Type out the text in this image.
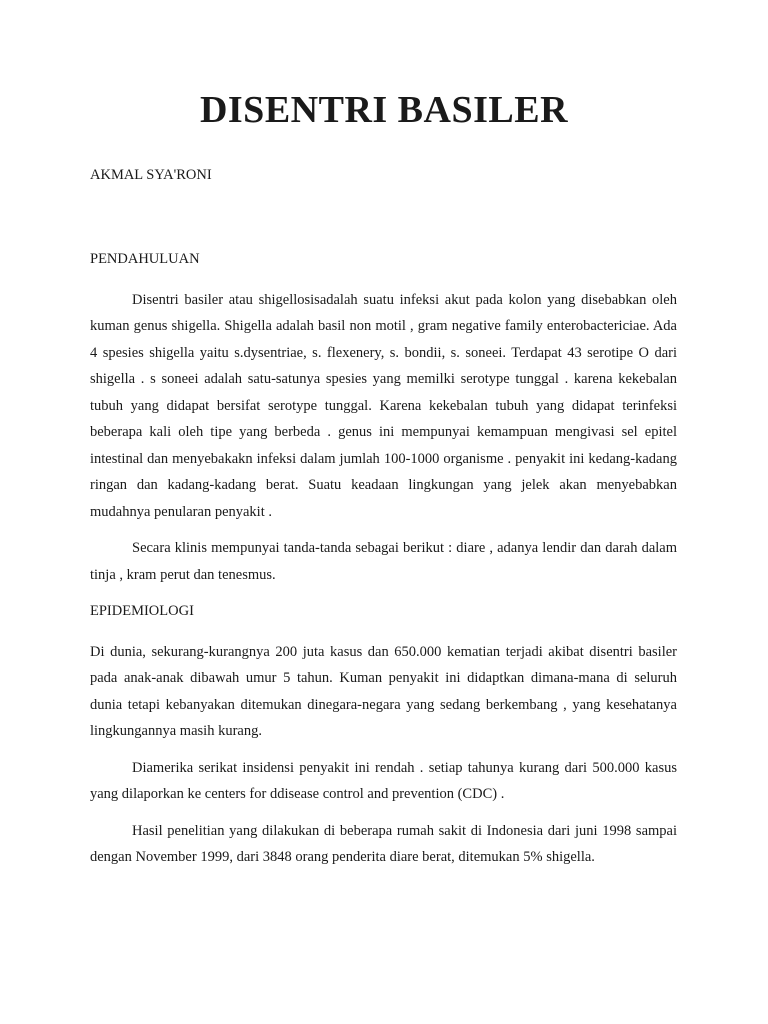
DISENTRI BASILER

AKMAL SYA'RONI

PENDAHULUAN

Disentri basiler atau shigellosisadalah suatu infeksi akut pada kolon yang disebabkan oleh kuman genus shigella. Shigella adalah basil non motil , gram negative family enterobactericiae. Ada 4 spesies shigella yaitu s.dysentriae, s. flexenery, s. bondii, s. soneei. Terdapat 43 serotipe O dari shigella . s soneei adalah satu-satunya spesies yang memilki serotype tunggal . karena kekebalan tubuh yang didapat bersifat serotype tunggal. Karena kekebalan tubuh yang didapat terinfeksi beberapa kali oleh tipe yang berbeda . genus ini mempunyai kemampuan mengivasi sel epitel intestinal dan menyebakakn infeksi dalam jumlah 100-1000 organisme . penyakit ini kedang-kadang ringan dan kadang-kadang berat. Suatu keadaan lingkungan yang jelek akan menyebabkan mudahnya penularan penyakit .

Secara klinis mempunyai tanda-tanda sebagai berikut : diare , adanya lendir dan darah dalam tinja , kram perut dan tenesmus.

EPIDEMIOLOGI

Di dunia, sekurang-kurangnya 200 juta kasus dan 650.000 kematian terjadi akibat disentri basiler pada anak-anak dibawah umur 5 tahun. Kuman penyakit ini didaptkan dimana-mana di seluruh dunia tetapi kebanyakan ditemukan dinegara-negara yang sedang berkembang , yang kesehatanya lingkungannya masih kurang.

Diamerika serikat insidensi penyakit ini rendah . setiap tahunya kurang dari 500.000 kasus yang dilaporkan ke centers for ddisease control and prevention (CDC) .

Hasil penelitian yang dilakukan di beberapa rumah sakit di Indonesia dari juni 1998 sampai dengan November 1999, dari 3848 orang penderita diare berat, ditemukan 5% shigella.
